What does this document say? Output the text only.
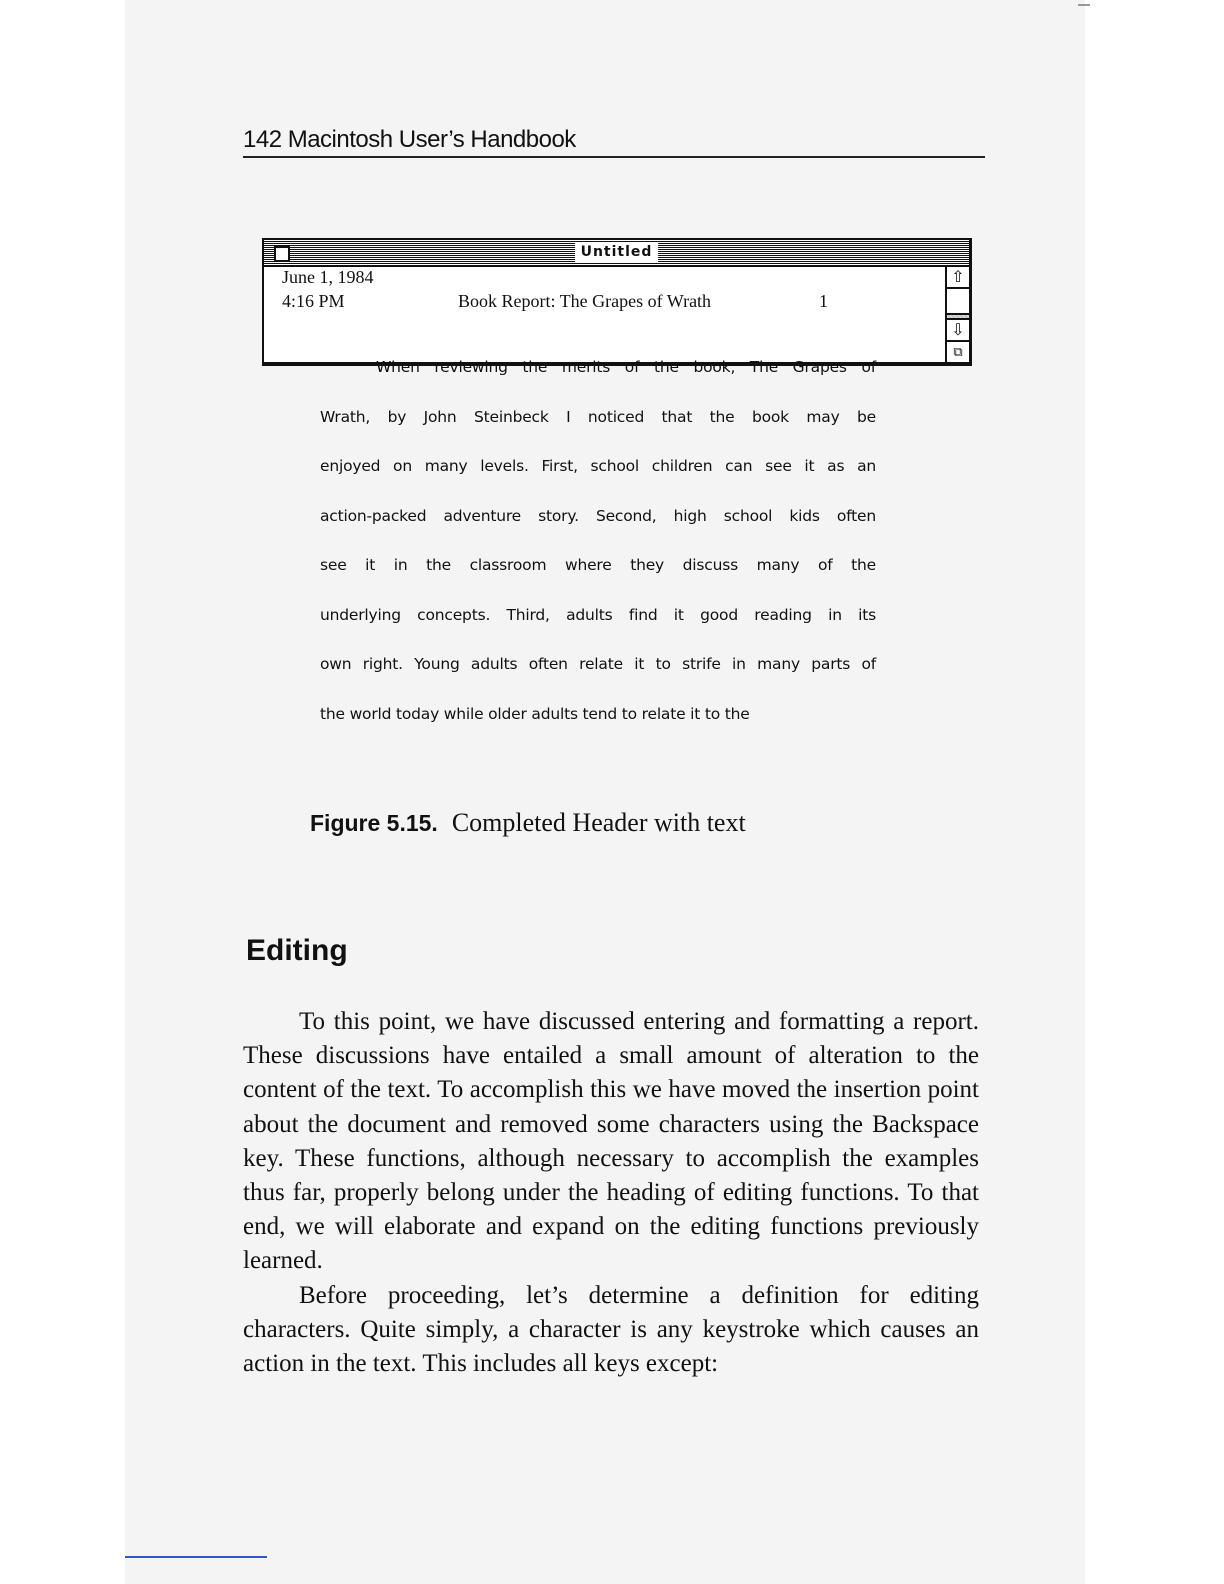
142 Macintosh User’s Handbook
Untitled
June 1, 1984
4:16 PM	Book Report: The Grapes of Wrath	1
When reviewing the merits of the book, The Grapes of
Wrath, by John Steinbeck I noticed that the book may be
enjoyed on many levels. First, school children can see it as an
action-packed adventure story. Second, high school kids often
see it in the classroom where they discuss many of the
underlying concepts. Third, adults find it good reading in its
own right. Young adults often relate it to strife in many parts of
the world today while older adults tend to relate it to the
⇧
⇩
⧉
Figure 5.15. Completed Header with text
Editing

To this point, we have discussed entering and formatting a report. These discussions have entailed a small amount of alteration to the content of the text. To accomplish this we have moved the insertion point about the document and removed some characters using the Backspace key. These functions, although necessary to accomplish the examples thus far, properly belong under the heading of editing functions. To that end, we will elaborate and expand on the editing functions previously learned.

Before proceeding, let’s determine a definition for editing characters. Quite simply, a character is any keystroke which causes an action in the text. This includes all keys except:
